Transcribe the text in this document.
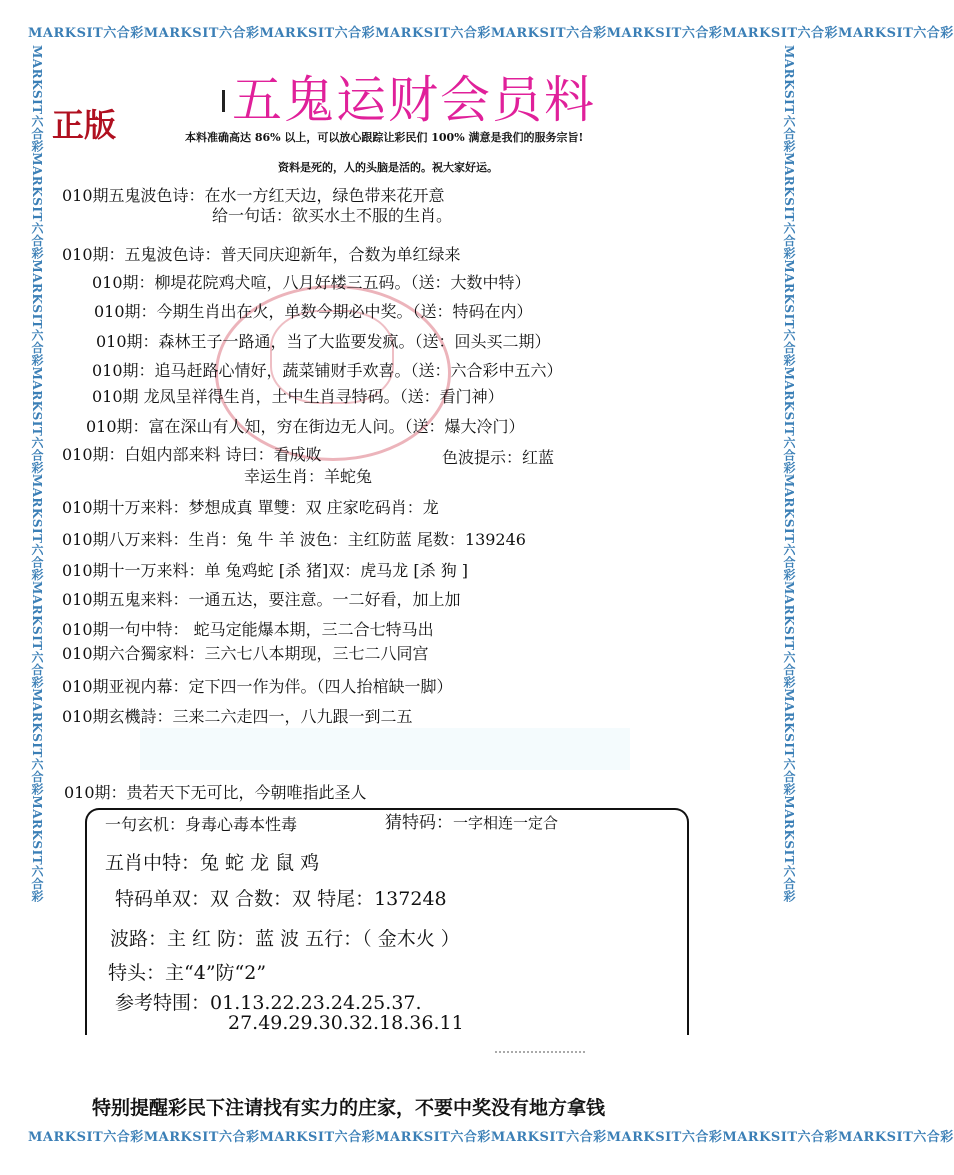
MARKSIT六合彩MARKSIT六合彩MARKSIT六合彩MARKSIT六合彩MARKSIT六合彩MARKSIT六合彩MARKSIT六合彩MARKSIT六合彩
MARKSIT六合彩MARKSIT六合彩MARKSIT六合彩MARKSIT六合彩MARKSIT六合彩MARKSIT六合彩MARKSIT六合彩MARKSIT六合彩
MARKSIT六合彩MARKSIT六合彩MARKSIT六合彩MARKSIT六合彩MARKSIT六合彩MARKSIT六合彩MARKSIT六合彩MARKSIT六合彩	MARKSIT六合彩MARKSIT六合彩MARKSIT六合彩MARKSIT六合彩MARKSIT六合彩MARKSIT六合彩MARKSIT六合彩MARKSIT六合彩
正版 五鬼运财会员料
本料准确高达 86% 以上，可以放心跟踪让彩民们 100% 满意是我们的服务宗旨!
资料是死的，人的头脑是活的。祝大家好运。
010期五鬼波色诗：在水一方红天边，绿色带来花开意
给一句话：欲买水土不服的生肖。
010期：五鬼波色诗：普天同庆迎新年，合数为单红绿来
010期：柳堤花院鸡犬喧，八月好楼三五码。（送：大数中特）
010期：今期生肖出在火，单数今期必中奖。（送：特码在内）
010期：森林王子一路通，当了大监要发疯。（送：回头买二期）
010期：追马赶路心情好，蔬菜铺财手欢喜。（送：六合彩中五六）
010期 龙凤呈祥得生肖，土中生肖寻特码。（送：看门神）
010期：富在深山有人知，穷在街边无人问。（送：爆大冷门）
010期：白姐内部来料 诗曰：看成败	色波提示：红蓝
幸运生肖：羊蛇兔
010期十万来料：梦想成真 單雙：双 庄家吃码肖：龙
010期八万来料：生肖：兔 牛 羊 波色：主红防蓝 尾数：139246
010期十一万来料：单 兔鸡蛇 [杀 猪]双：虎马龙 [杀 狗 ]
010期五鬼来料：一通五达，要注意。一二好看，加上加
010期一句中特： 蛇马定能爆本期，三二合七特马出
010期六合獨家料：三六七八本期现，三七二八同宫
010期亚视内幕：定下四一作为伴。（四人抬棺缺一脚）
010期玄機詩：三来二六走四一，八九跟一到二五
010期：贵若天下无可比，今朝唯指此圣人
一句玄机：身毒心毒本性毒	猜特码：一字相连一定合
五肖中特：兔 蛇 龙 鼠 鸡
特码单双：双 合数：双 特尾：137248
波路：主 红 防：蓝 波 五行：（ 金木火 ）
特头：主“4”防“2”
参考特围：01.13.22.23.24.25.37.
27.49.29.30.32.18.36.11
特别提醒彩民下注请找有实力的庄家，不要中奖没有地方拿钱
